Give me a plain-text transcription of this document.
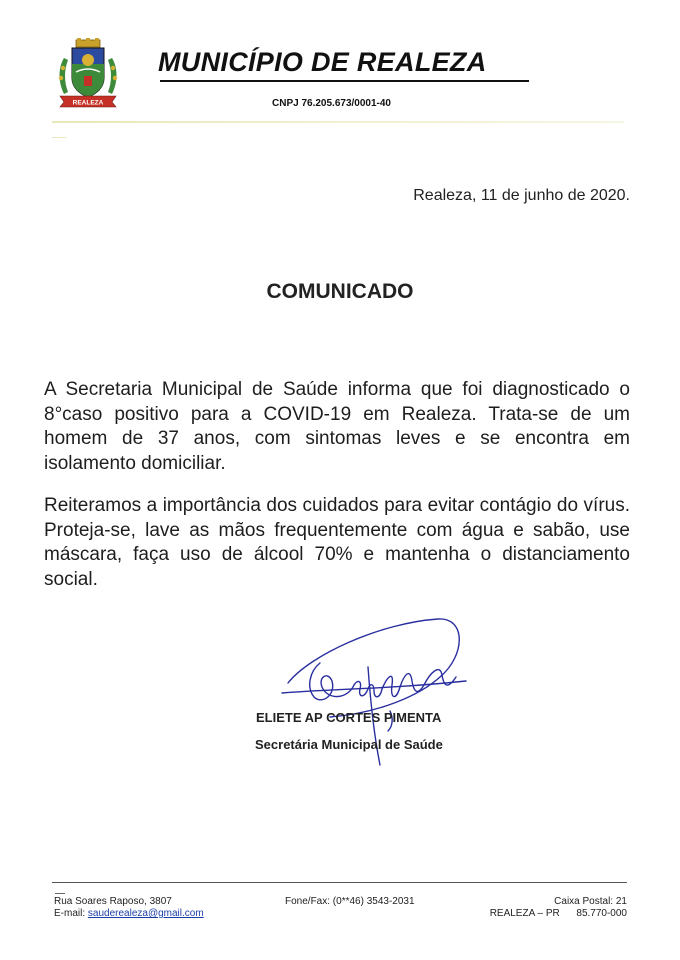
REALEZA
MUNICÍPIO DE REALEZA
CNPJ 76.205.673/0001-40
Realeza, 11 de junho de 2020.
COMUNICADO
A Secretaria Municipal de Saúde informa que foi diagnosticado o 8°caso positivo para a COVID-19 em Realeza. Trata-se de um homem de 37 anos, com sintomas leves e se encontra em isolamento domiciliar.
Reiteramos a importância dos cuidados para evitar contágio do vírus. Proteja-se, lave as mãos frequentemente com água e sabão, use máscara, faça uso de álcool 70% e mantenha o distanciamento social.
ELIETE AP CORTES PIMENTA
Secretária Municipal de Saúde
Rua Soares Raposo, 3807
E-mail: saude​realeza@gmail.com
Fone/Fax: (0**46) 3543-2031	Caixa Postal: 21
REALEZA – PR      85.770-000
